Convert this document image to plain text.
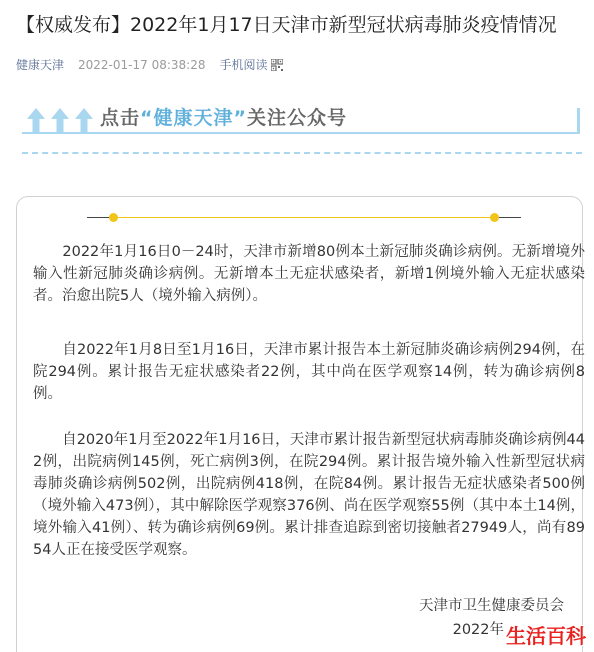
【权威发布】2022年1月17日天津市新型冠状病毒肺炎疫情情况
健康天津 2022-01-17 08:38:28 手机阅读
点击“健康天津”关注公众号

　　2022年1月16日0－24时，天津市新增80例本土新冠肺炎确诊病例。无新增境外输入性新冠肺炎确诊病例。无新增本土无症状感染者，新增1例境外输入无症状感染者。治愈出院5人（境外输入病例）。

　　自2022年1月8日至1月16日，天津市累计报告本土新冠肺炎确诊病例294例，在院294例。累计报告无症状感染者22例，其中尚在医学观察14例，转为确诊病例8例。

　　自2020年1月至2022年1月16日，天津市累计报告新型冠状病毒肺炎确诊病例442例，出院病例145例，死亡病例3例，在院294例。累计报告境外输入性新型冠状病毒肺炎确诊病例502例，出院病例418例，在院84例。累计报告无症状感染者500例（境外输入473例），其中解除医学观察376例、尚在医学观察55例（其中本土14例，境外输入41例）、转为确诊病例69例。累计排查追踪到密切接触者27949人，尚有8954人正在接受医学观察。

天津市卫生健康委员会
2022年 生活百科
